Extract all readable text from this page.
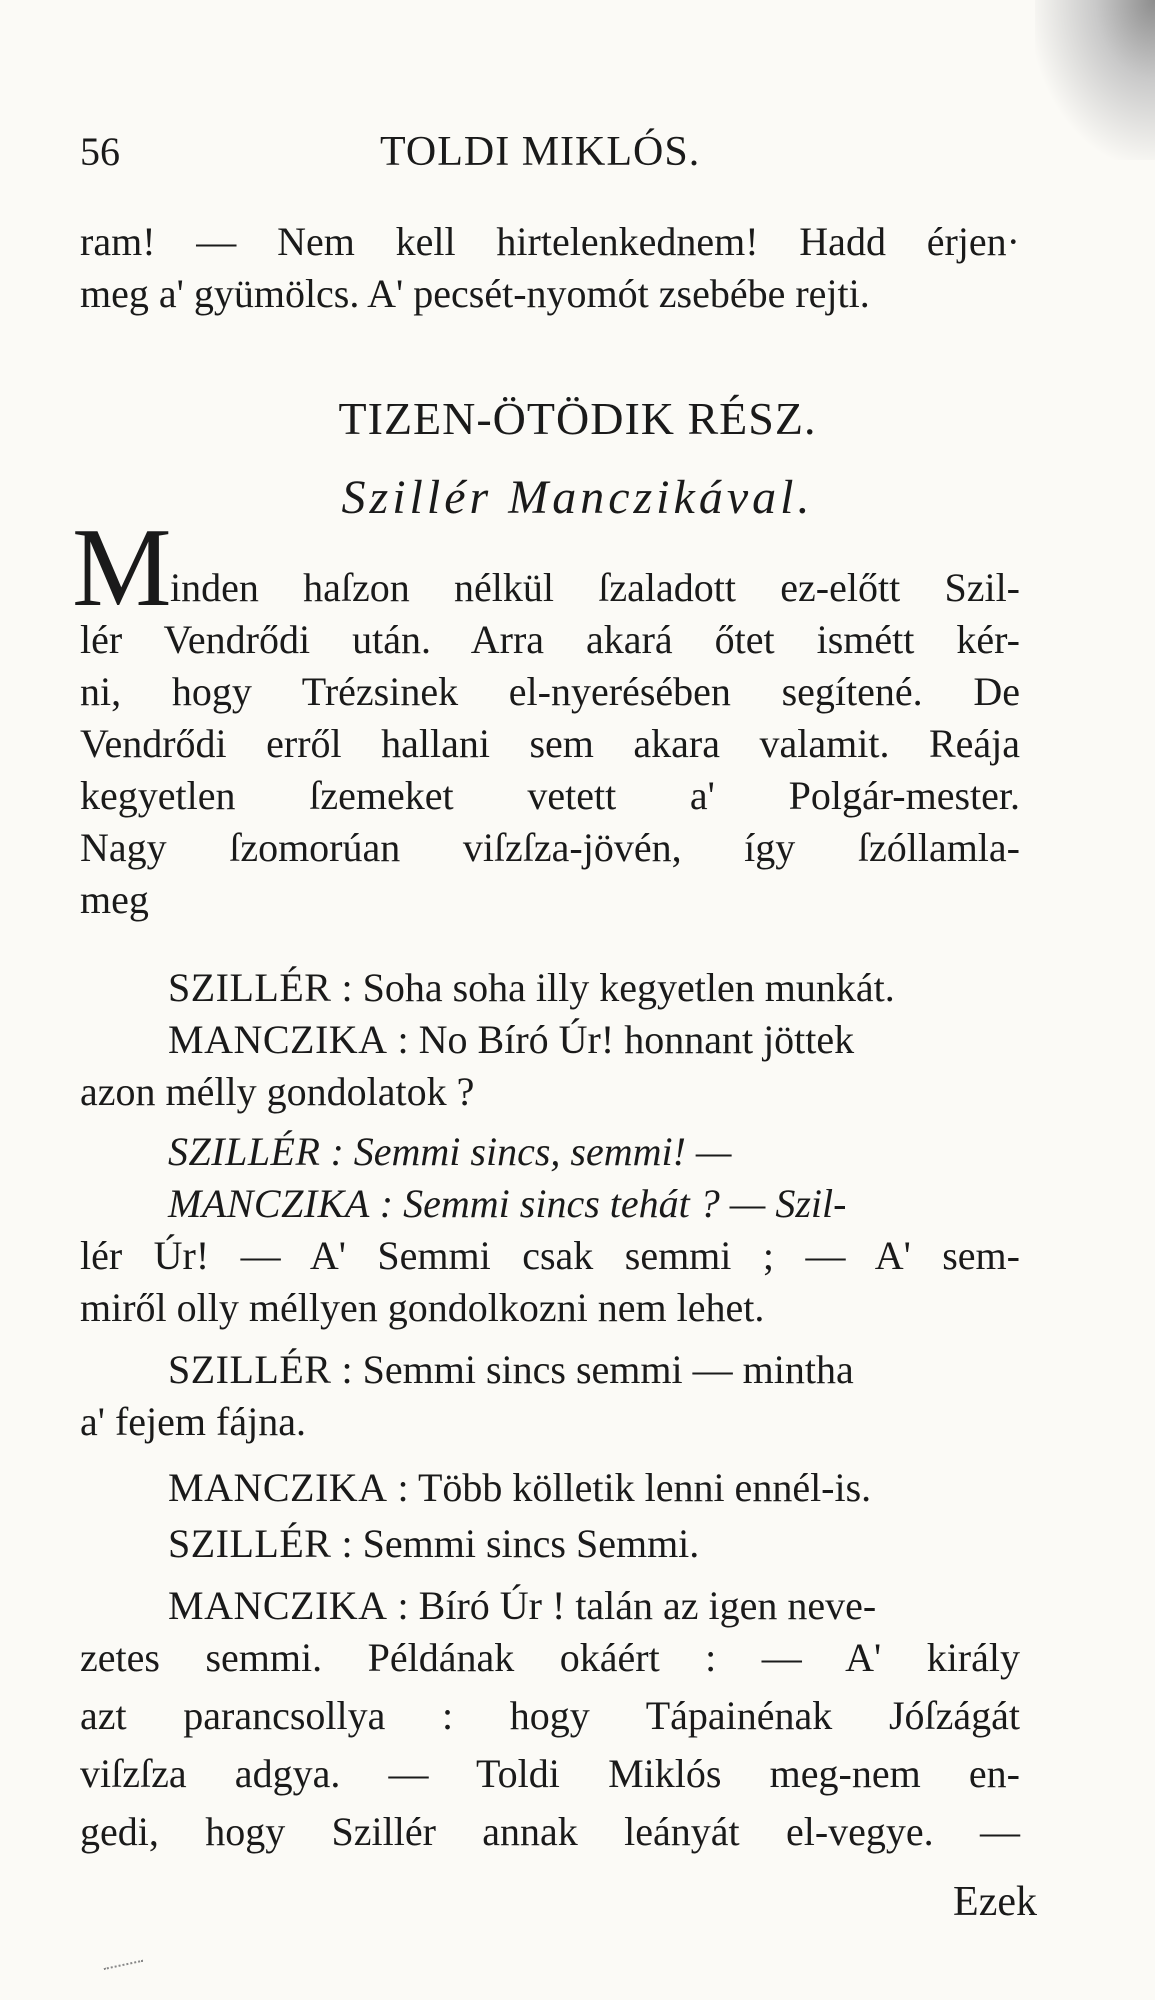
56	TOLDI MIKLÓS.
ram! — Nem kell hirtelenkednem! Hadd érjen·
meg a' gyümölcs. A' pecsét-nyomót zsebébe rejti.
TIZEN-ÖTÖDIK RÉSZ.
Szillér Manczikával.
M
inden haſzon nélkül ſzaladott ez-előtt Szil-
lér Vendrődi után. Arra akará őtet ismétt kér-
ni, hogy Trézsinek el-nyerésében segítené. De
Vendrődi erről hallani sem akara valamit. Reája
kegyetlen ſzemeket vetett a' Polgár-mester.
Nagy ſzomorúan viſzſza-jövén, így ſzóllamla-
meg
SZILLÉR : Soha soha illy kegyetlen munkát.
MANCZIKA : No Bíró Úr! honnant jöttek
azon mélly gondolatok ?
SZILLÉR : Semmi sincs, semmi! —
MANCZIKA : Semmi sincs tehát ? — Szil-
lér Úr! — A' Semmi csak semmi ; — A' sem-
miről olly méllyen gondolkozni nem lehet.
SZILLÉR : Semmi sincs semmi — mintha
a' fejem fájna.
MANCZIKA : Több kölletik lenni ennél-is.
SZILLÉR : Semmi sincs Semmi.
MANCZIKA : Bíró Úr ! talán az igen neve-
zetes semmi. Példának okáért : — A' király
azt parancsollya : hogy Tápainénak Jóſzágát
viſzſza adgya. — Toldi Miklós meg-nem en-
gedi, hogy Szillér annak leányát el-vegye. —
Ezek
